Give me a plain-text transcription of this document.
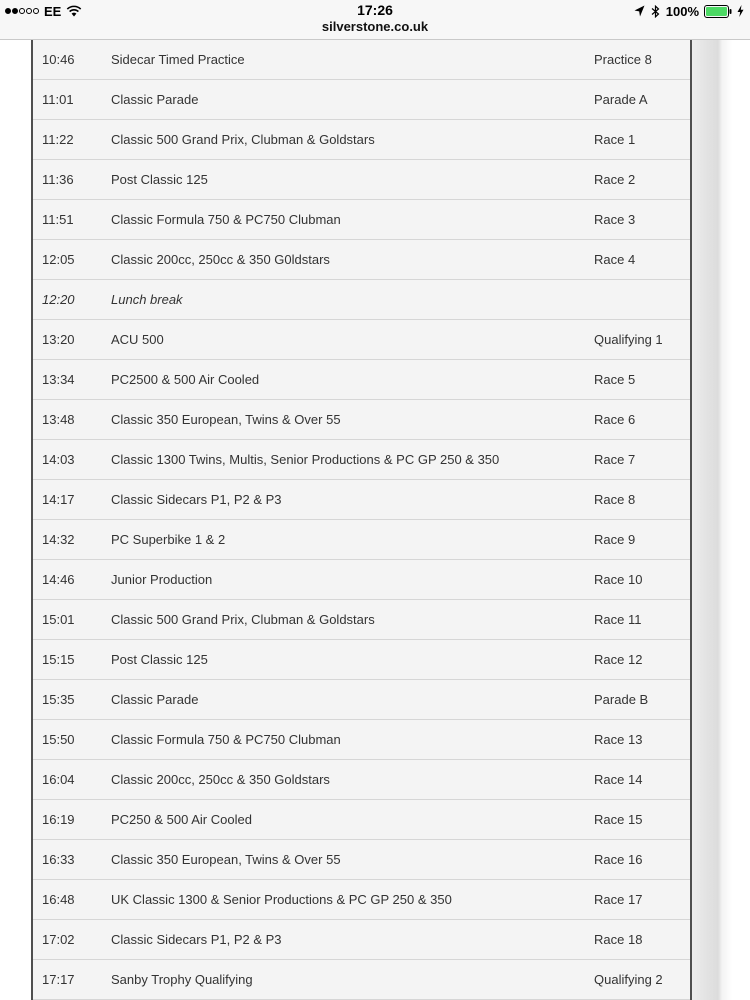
EE	17:26
silverstone.co.uk
100%
10:46	Sidecar Timed Practice	Practice 8
11:01	Classic Parade	Parade A
11:22	Classic 500 Grand Prix, Clubman & Goldstars	Race 1
11:36	Post Classic 125	Race 2
11:51	Classic Formula 750 & PC750 Clubman	Race 3
12:05	Classic 200cc, 250cc & 350 G0ldstars	Race 4
12:20	Lunch break
13:20	ACU 500	Qualifying 1
13:34	PC2500 & 500 Air Cooled	Race 5
13:48	Classic 350 European, Twins & Over 55	Race 6
14:03	Classic 1300 Twins, Multis, Senior Productions & PC GP 250 & 350	Race 7
14:17	Classic Sidecars P1, P2 & P3	Race 8
14:32	PC Superbike 1 & 2	Race 9
14:46	Junior Production	Race 10
15:01	Classic 500 Grand Prix, Clubman & Goldstars	Race 11
15:15	Post Classic 125	Race 12
15:35	Classic Parade	Parade B
15:50	Classic Formula 750 & PC750 Clubman	Race 13
16:04	Classic 200cc, 250cc & 350 Goldstars	Race 14
16:19	PC250 & 500 Air Cooled	Race 15
16:33	Classic 350 European, Twins & Over 55	Race 16
16:48	UK Classic 1300 & Senior Productions & PC GP 250 & 350	Race 17
17:02	Classic Sidecars P1, P2 & P3	Race 18
17:17	Sanby Trophy Qualifying	Qualifying 2
